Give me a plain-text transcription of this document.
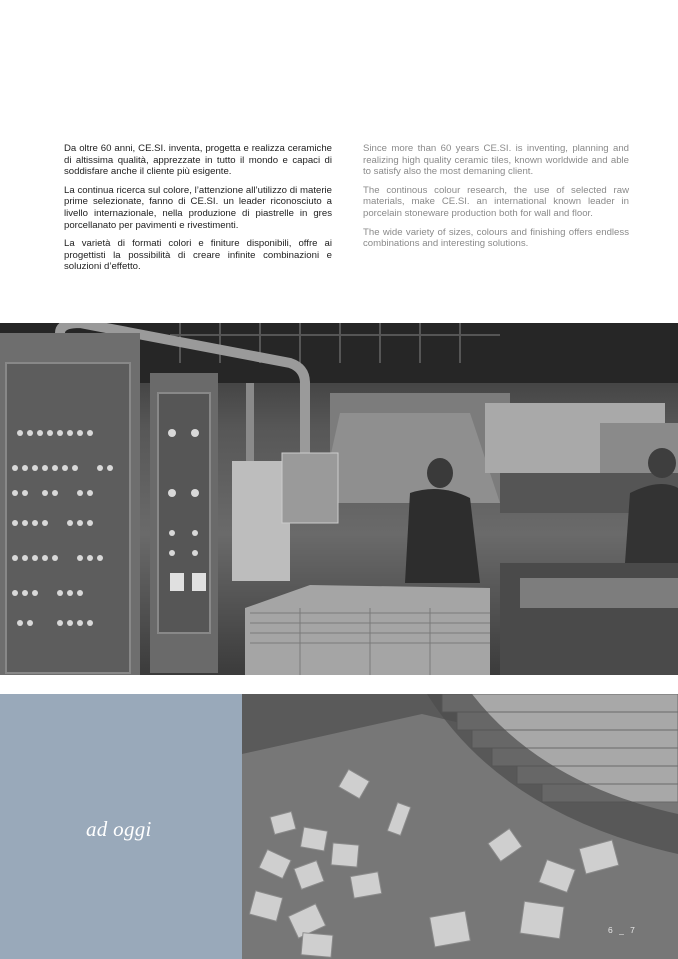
Da oltre 60 anni, CE.SI. inventa, progetta e realizza ceramiche di altissima qualità, apprezzate in tutto il mondo e capaci di soddisfare anche il cliente più esigente.

La continua ricerca sul colore, l’attenzione all’utilizzo di materie prime selezionate, fanno di CE.SI. un leader riconosciuto a livello internazionale, nella produzione di piastrelle in gres porcellanato per pavimenti e rivestimenti.

La varietà di formati colori e finiture disponibili, offre ai progettisti la possibilità di creare infinite combinazioni e soluzioni d’effetto.

Since more than 60 years CE.SI. is inventing, planning and realizing high quality ceramic tiles, known worldwide and able to satisfy also the most demaning client.

The continous colour research, the use of selected raw materials, make CE.SI. an international known leader in porcelain stoneware production both for wall and floor.

The wide variety of sizes, colours and finishing offers endless combinations and interesting solutions.

ad oggi
6 _ 7
